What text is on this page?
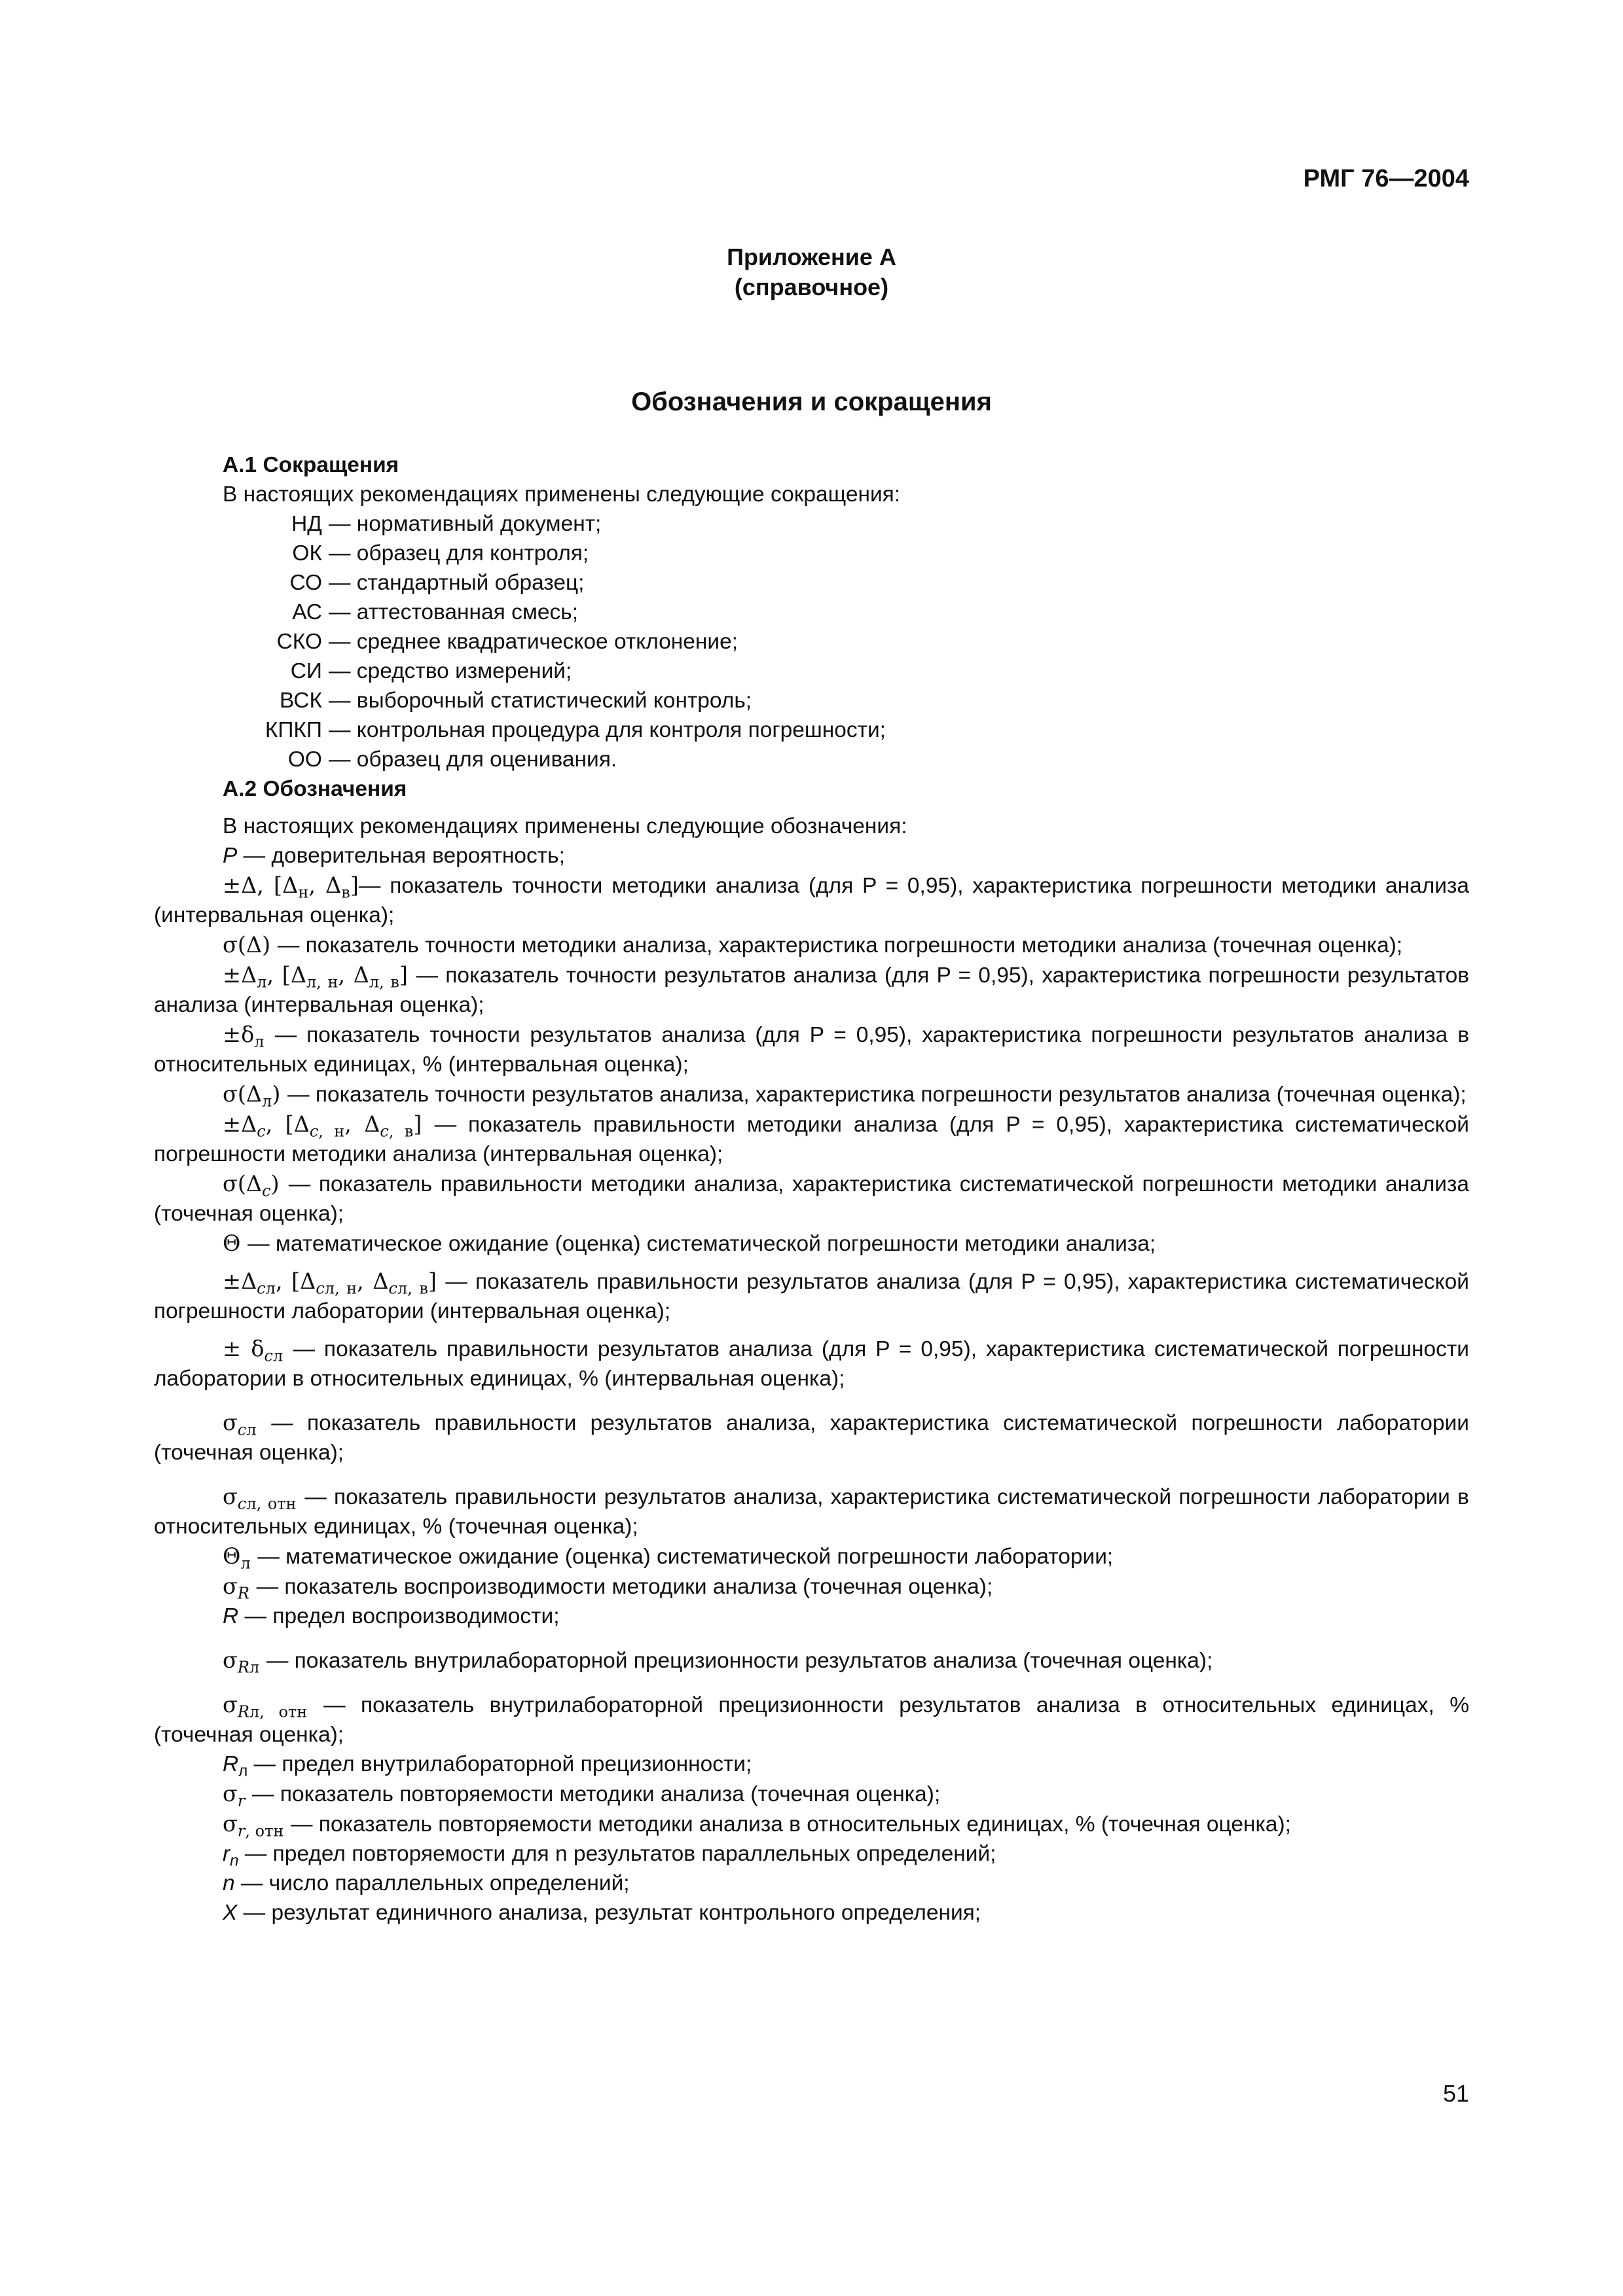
РМГ 76—2004
Приложение А
(справочное)
Обозначения и сокращения
А.1 Сокращения
В настоящих рекомендациях применены следующие сокращения:
НД — нормативный документ;
ОК — образец для контроля;
СО — стандартный образец;
АС — аттестованная смесь;
СКО — среднее квадратическое отклонение;
СИ — средство измерений;
ВСК — выборочный статистический контроль;
КПКП — контрольная процедура для контроля погрешности;
ОО — образец для оценивания.
А.2 Обозначения
В настоящих рекомендациях применены следующие обозначения:

P — доверительная вероятность;

±Δ, [$\Delta_н$, $\Delta_в]—$ показатель точности методики анализа (для P = 0,95), характеристика погрешности методики анализа (интервальная оценка);

σ(Δ) — показатель точности методики анализа, характеристика погрешности методики анализа (точечная оценка);

$\pm\Delta_л$, [$\Delta_{л, н}$, $\Delta_{л, в}$] — показатель точности результатов анализа (для P = 0,95), характеристика погрешности результатов анализа (интервальная оценка);

$\pm\delta_л$ — показатель точности результатов анализа (для P = 0,95), характеристика погрешности результатов анализа в относительных единицах, % (интервальная оценка);

$\sigma(\Delta_л)$ — показатель точности результатов анализа, характеристика погрешности результатов анализа (точечная оценка);

$\pm\Delta_c$, [$\Delta_{c, н}$, $\Delta_{c, в}$] — показатель правильности методики анализа (для P = 0,95), характеристика систематической погрешности методики анализа (интервальная оценка);

$\sigma(\Delta_c)$ — показатель правильности методики анализа, характеристика систематической погрешности методики анализа (точечная оценка);

Θ — математическое ожидание (оценка) систематической погрешности методики анализа;

$\pm\Delta_{cл}$, [$\Delta_{cл, н}$, $\Delta_{cл, в}$] — показатель правильности результатов анализа (для P = 0,95), характеристика систематической погрешности лаборатории (интервальная оценка);

± $\delta_{cл}$ — показатель правильности результатов анализа (для P = 0,95), характеристика систематической погрешности лаборатории в относительных единицах, % (интервальная оценка);

$\sigma_{cл}$ — показатель правильности результатов анализа, характеристика систематической погрешности лаборатории (точечная оценка);

$\sigma_{cл, отн}$ — показатель правильности результатов анализа, характеристика систематической погрешности лаборатории в относительных единицах, % (точечная оценка);

$\Theta_л$ — математическое ожидание (оценка) систематической погрешности лаборатории;

$\sigma_R$ — показатель воспроизводимости методики анализа (точечная оценка);

R — предел воспроизводимости;

$\sigma_{Rл}$ — показатель внутрилабораторной прецизионности результатов анализа (точечная оценка);

$\sigma_{Rл, отн}$ — показатель внутрилабораторной прецизионности результатов анализа в относительных единицах, % (точечная оценка);

$R_л$ — предел внутрилабораторной прецизионности;

$\sigma_r$ — показатель повторяемости методики анализа (точечная оценка);

$\sigma_{r, отн}$ — показатель повторяемости методики анализа в относительных единицах, % (точечная оценка);

$r_n$ — предел повторяемости для n результатов параллельных определений;

n — число параллельных определений;

X — результат единичного анализа, результат контрольного определения;

51
